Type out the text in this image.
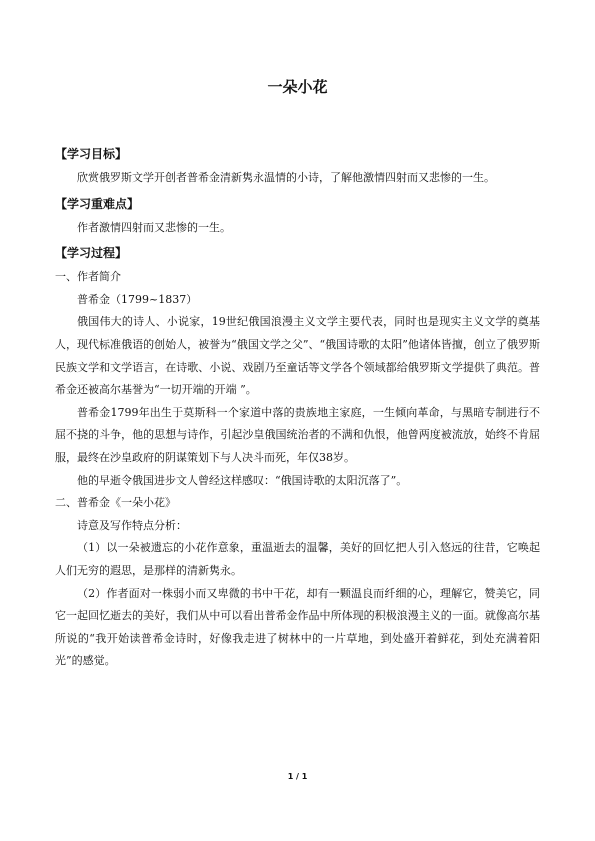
一朵小花
【学习目标】

欣赏俄罗斯文学开创者普希金清新隽永温情的小诗，了解他激情四射而又悲惨的一生。

【学习重难点】

作者激情四射而又悲惨的一生。

【学习过程】

一、作者简介

普希金（1799~1837）

俄国伟大的诗人、小说家，19世纪俄国浪漫主义文学主要代表，同时也是现实主义文学的奠基人，现代标准俄语的创始人，被誉为“俄国文学之父”、“俄国诗歌的太阳”他诸体皆擅，创立了俄罗斯民族文学和文学语言，在诗歌、小说、戏剧乃至童话等文学各个领域都给俄罗斯文学提供了典范。普希金还被高尔基誉为“一切开端的开端 ”。

普希金1799年出生于莫斯科一个家道中落的贵族地主家庭，一生倾向革命，与黑暗专制进行不屈不挠的斗争，他的思想与诗作，引起沙皇俄国统治者的不满和仇恨，他曾两度被流放，始终不肯屈服，最终在沙皇政府的阴谋策划下与人决斗而死，年仅38岁。

他的早逝令俄国进步文人曾经这样感叹：“俄国诗歌的太阳沉落了”。

二、普希金《一朵小花》

诗意及写作特点分析：

（1）以一朵被遗忘的小花作意象，重温逝去的温馨，美好的回忆把人引入悠远的往昔，它唤起人们无穷的遐思，是那样的清新隽永。

（2）作者面对一株弱小而又卑微的书中干花，却有一颗温良而纤细的心，理解它，赞美它，同它一起回忆逝去的美好，我们从中可以看出普希金作品中所体现的积极浪漫主义的一面。就像高尔基所说的“我开始读普希金诗时，好像我走进了树林中的一片草地，到处盛开着鲜花，到处充满着阳光”的感觉。

1 / 1
